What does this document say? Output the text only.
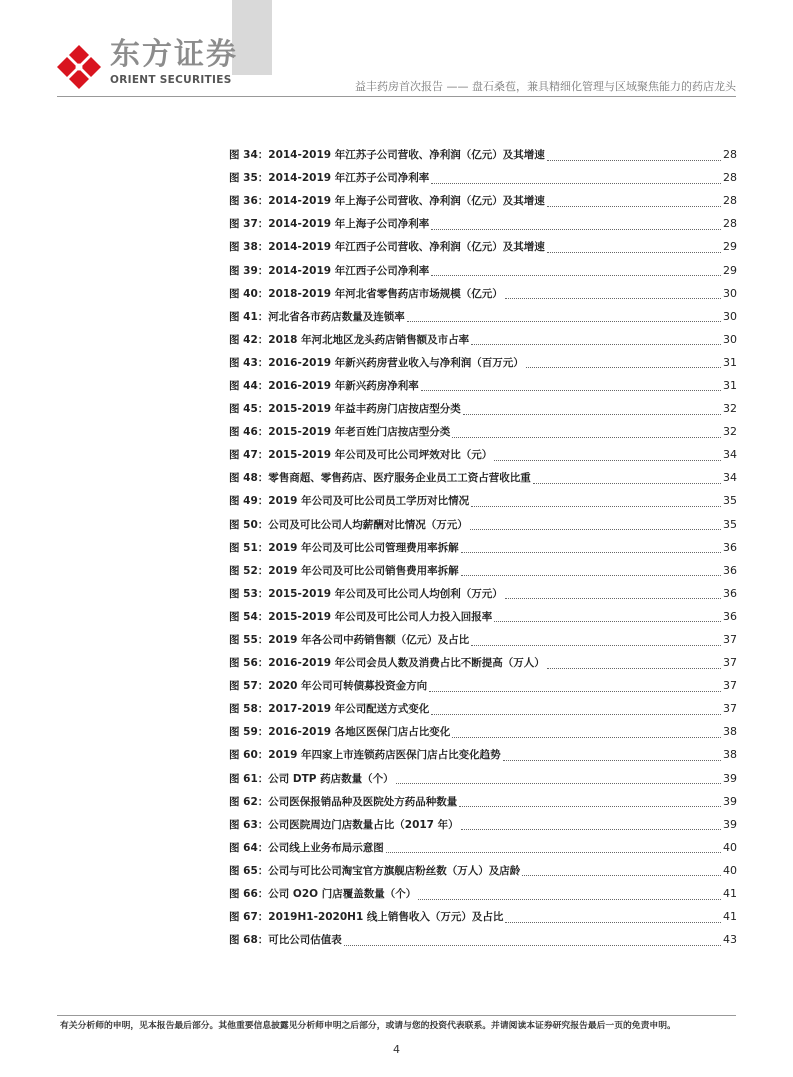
东方证券
ORIENT SECURITIES	益丰药房首次报告 —— 盘石桑苞，兼具精细化管理与区域聚焦能力的药店龙头
图 34：2014-2019 年江苏子公司营收、净利润（亿元）及其增速	28
图 35：2014-2019 年江苏子公司净利率	28
图 36：2014-2019 年上海子公司营收、净利润（亿元）及其增速	28
图 37：2014-2019 年上海子公司净利率	28
图 38：2014-2019 年江西子公司营收、净利润（亿元）及其增速	29
图 39：2014-2019 年江西子公司净利率	29
图 40：2018-2019 年河北省零售药店市场规模（亿元）	30
图 41：河北省各市药店数量及连锁率	30
图 42：2018 年河北地区龙头药店销售额及市占率	30
图 43：2016-2019 年新兴药房营业收入与净利润（百万元）	31
图 44：2016-2019 年新兴药房净利率	31
图 45：2015-2019 年益丰药房门店按店型分类	32
图 46：2015-2019 年老百姓门店按店型分类	32
图 47：2015-2019 年公司及可比公司坪效对比（元）	34
图 48：零售商超、零售药店、医疗服务企业员工工资占营收比重	34
图 49：2019 年公司及可比公司员工学历对比情况	35
图 50：公司及可比公司人均薪酬对比情况（万元）	35
图 51：2019 年公司及可比公司管理费用率拆解	36
图 52：2019 年公司及可比公司销售费用率拆解	36
图 53：2015-2019 年公司及可比公司人均创利（万元）	36
图 54：2015-2019 年公司及可比公司人力投入回报率	36
图 55：2019 年各公司中药销售额（亿元）及占比	37
图 56：2016-2019 年公司会员人数及消费占比不断提高（万人）	37
图 57：2020 年公司可转债募投资金方向	37
图 58：2017-2019 年公司配送方式变化	37
图 59：2016-2019 各地区医保门店占比变化	38
图 60：2019 年四家上市连锁药店医保门店占比变化趋势	38
图 61：公司 DTP 药店数量（个）	39
图 62：公司医保报销品种及医院处方药品种数量	39
图 63：公司医院周边门店数量占比（2017 年）	39
图 64：公司线上业务布局示意图	40
图 65：公司与可比公司淘宝官方旗舰店粉丝数（万人）及店龄	40
图 66：公司 O2O 门店覆盖数量（个）	41
图 67：2019H1-2020H1 线上销售收入（万元）及占比	41
图 68：可比公司估值表	43
有关分析师的申明，见本报告最后部分。其他重要信息披露见分析师申明之后部分，或请与您的投资代表联系。并请阅读本证券研究报告最后一页的免责申明。
4
